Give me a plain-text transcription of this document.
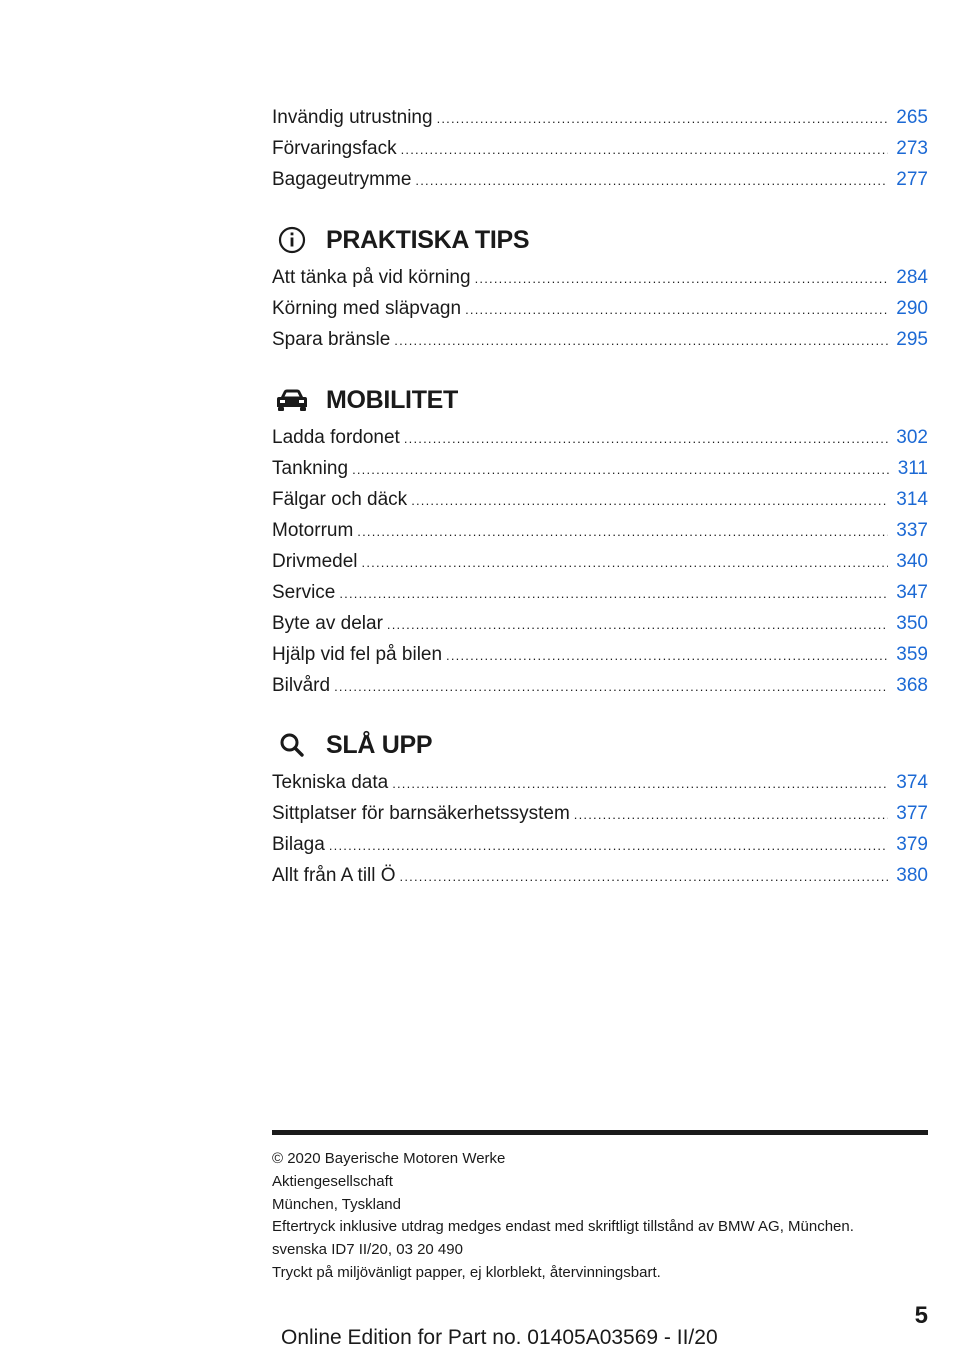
Invändig utrustning .....	265
Förvaringsfack .....	273
Bagageutrymme .....	277
PRAKTISKA TIPS
Att tänka på vid körning .....	284
Körning med släpvagn .....	290
Spara bränsle .....	295
MOBILITET
Ladda fordonet .....	302
Tankning .....	311
Fälgar och däck .....	314
Motorrum .....	337
Drivmedel .....	340
Service .....	347
Byte av delar .....	350
Hjälp vid fel på bilen .....	359
Bilvård .....	368
SLÅ UPP
Tekniska data .....	374
Sittplatser för barnsäkerhetssystem .....	377
Bilaga .....	379
Allt från A till Ö .....	380
© 2020 Bayerische Motoren Werke
Aktiengesellschaft
München, Tyskland
Eftertryck inklusive utdrag medges endast med skriftligt tillstånd av BMW AG, München.
svenska ID7 II/20, 03 20 490
Tryckt på miljövänligt papper, ej klorblekt, återvinningsbart.
5
Online Edition for Part no. 01405A03569 - II/20
